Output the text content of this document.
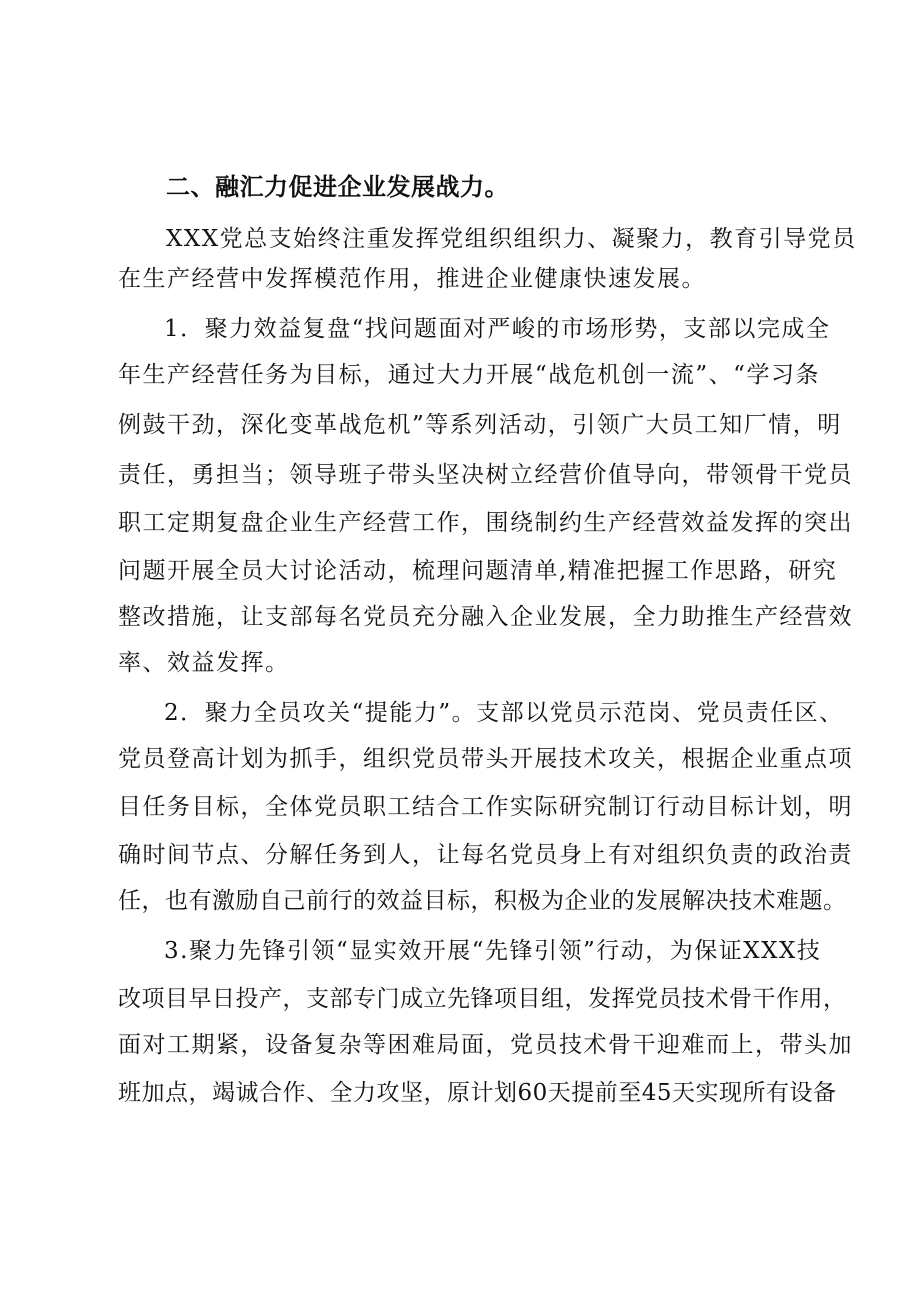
二、融汇力促进企业发展战力。
XXX党总支始终注重发挥党组织组织力、凝聚力，教育引导党员
在生产经营中发挥模范作用，推进企业健康快速发展。
1．聚力效益复盘“找问题面对严峻的市场形势，支部以完成全
年生产经营任务为目标，通过大力开展“战危机创一流”、“学习条
例鼓干劲，深化变革战危机”等系列活动，引领广大员工知厂情，明
责任，勇担当；领导班子带头坚决树立经营价值导向，带领骨干党员
职工定期复盘企业生产经营工作，围绕制约生产经营效益发挥的突出
问题开展全员大讨论活动，梳理问题清单,精准把握工作思路，研究
整改措施，让支部每名党员充分融入企业发展，全力助推生产经营效
率、效益发挥。
2．聚力全员攻关“提能力”。支部以党员示范岗、党员责任区、
党员登高计划为抓手，组织党员带头开展技术攻关，根据企业重点项
目任务目标，全体党员职工结合工作实际研究制订行动目标计划，明
确时间节点、分解任务到人，让每名党员身上有对组织负责的政治责
任，也有激励自己前行的效益目标，积极为企业的发展解决技术难题。
3.聚力先锋引领“显实效开展“先锋引领”行动，为保证XXX技
改项目早日投产，支部专门成立先锋项目组，发挥党员技术骨干作用，
面对工期紧，设备复杂等困难局面，党员技术骨干迎难而上，带头加
班加点，竭诚合作、全力攻坚，原计划60天提前至45天实现所有设备
